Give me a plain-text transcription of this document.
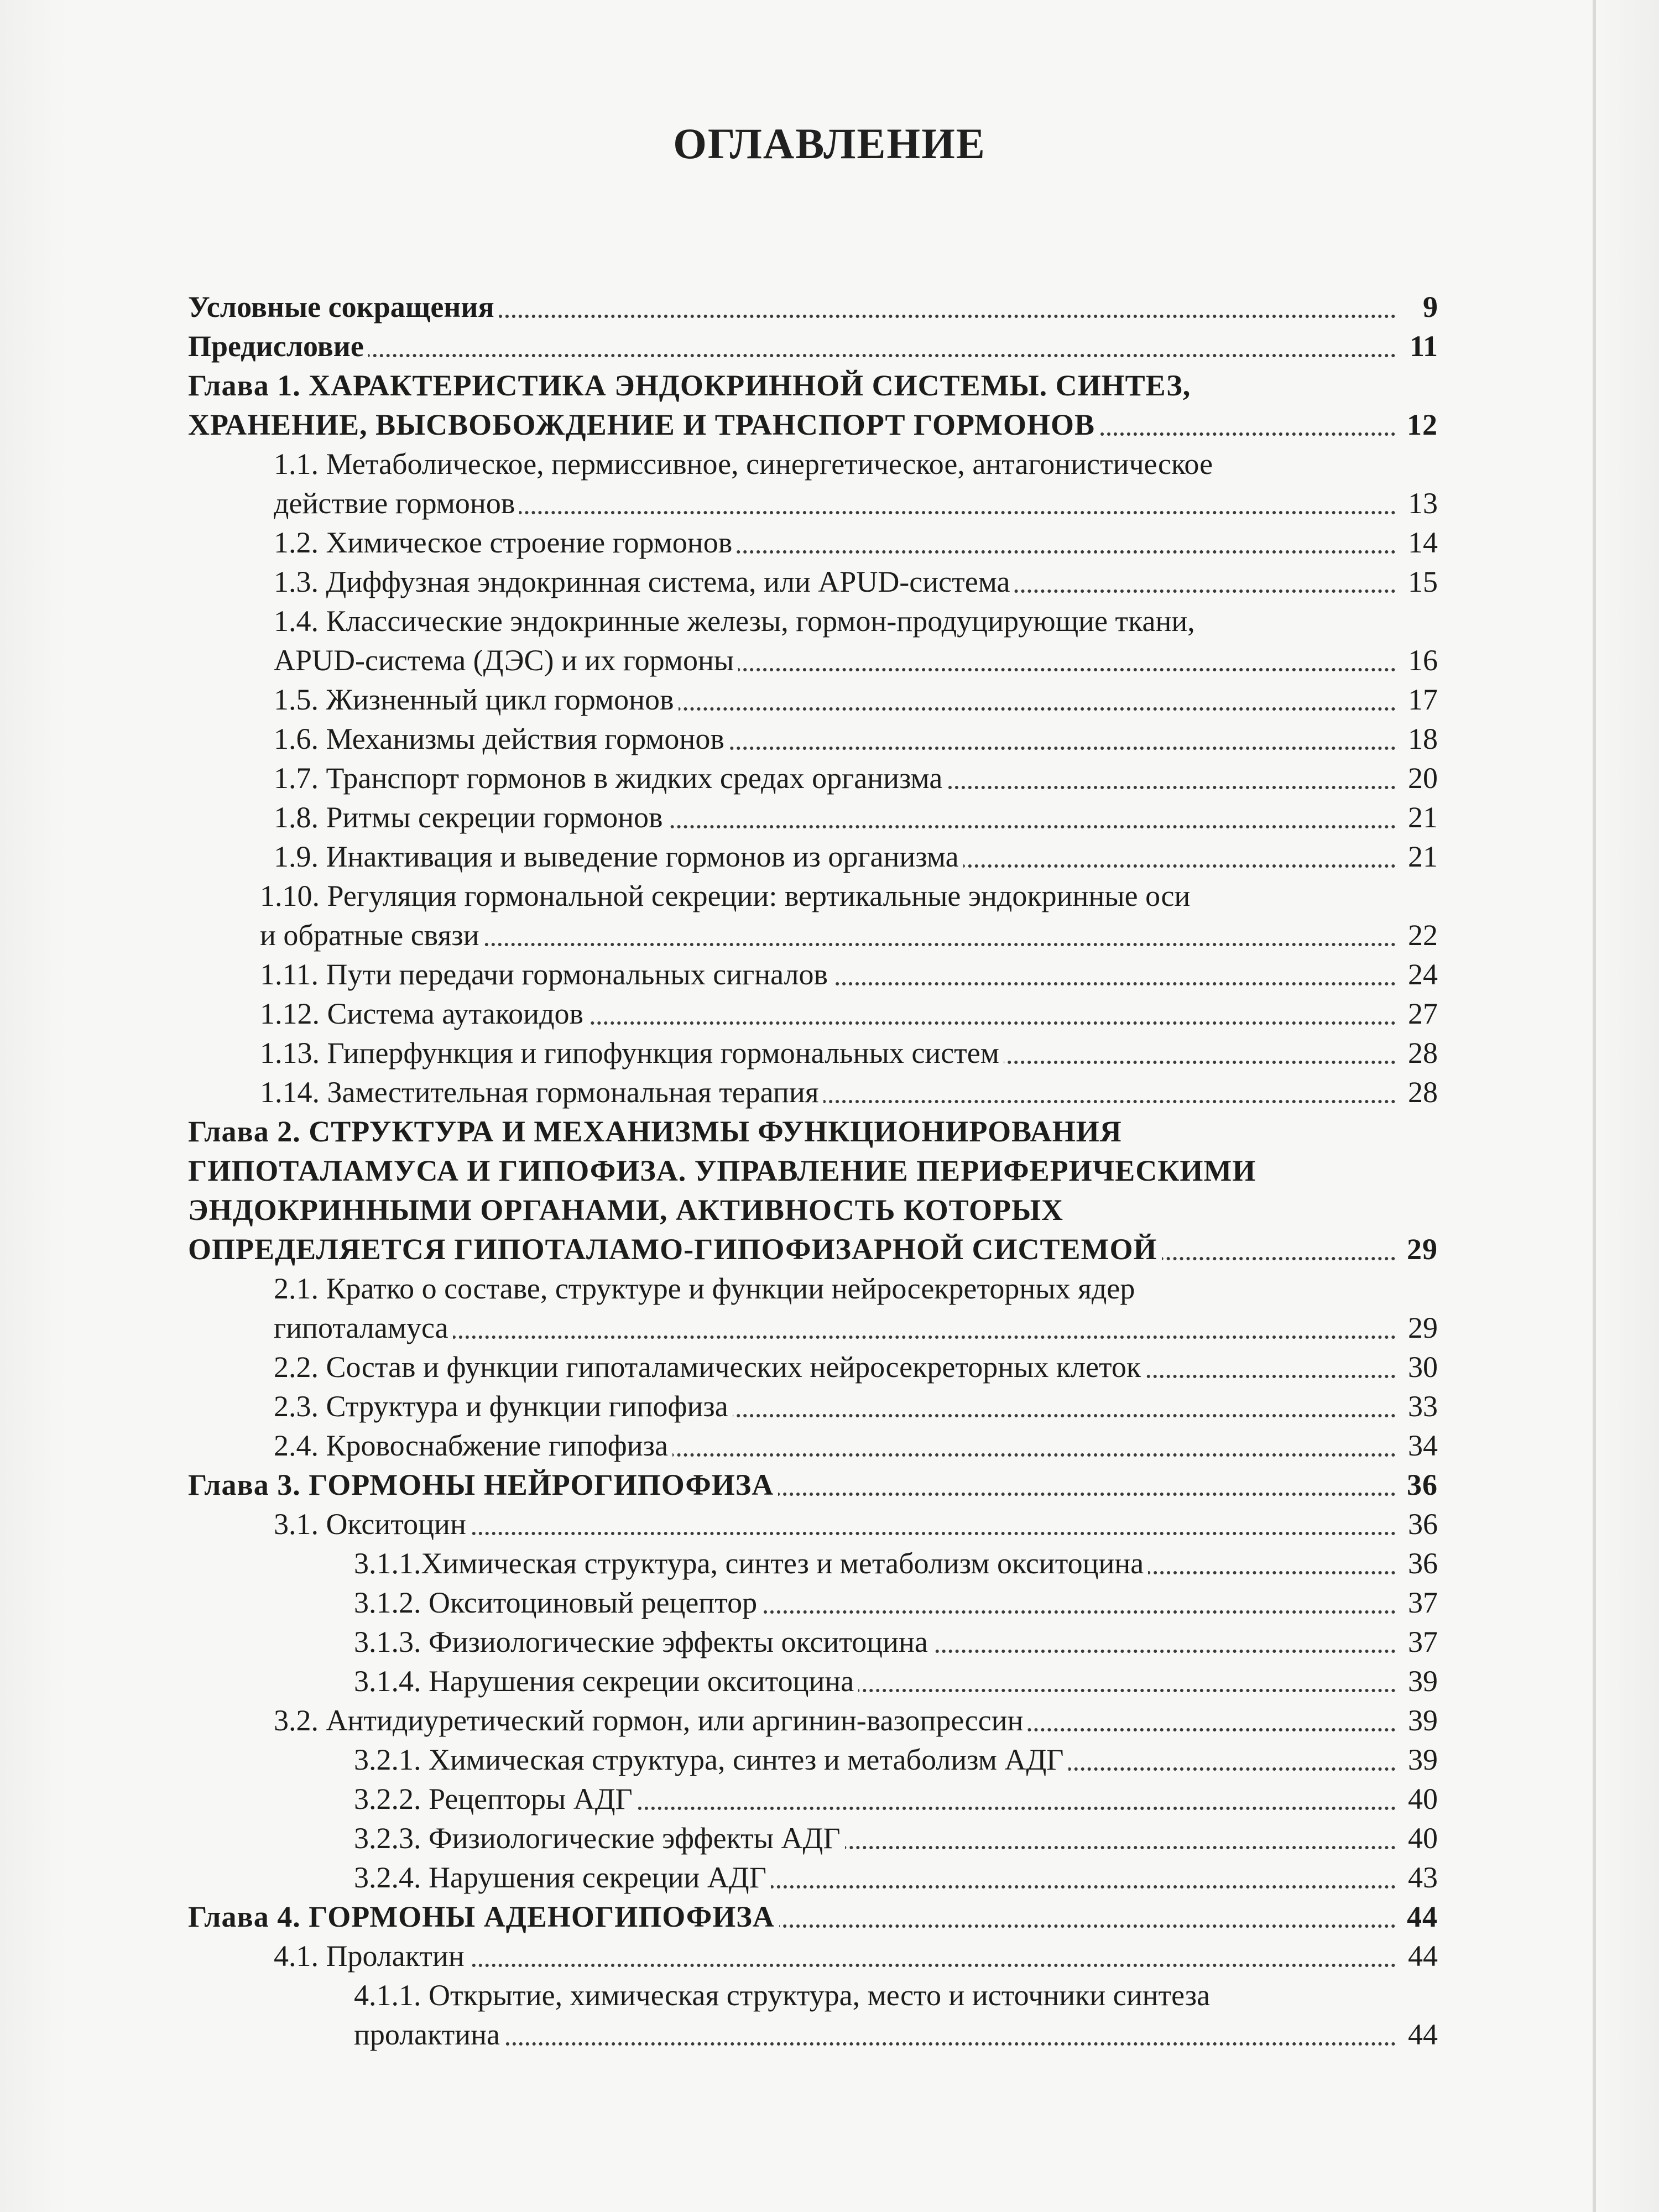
ОГЛАВЛЕНИЕ
Условные сокращения	9
Предисловие	11
Глава 1. ХАРАКТЕРИСТИКА ЭНДОКРИННОЙ СИСТЕМЫ. СИНТЕЗ,
ХРАНЕНИЕ, ВЫСВОБОЖДЕНИЕ И ТРАНСПОРТ ГОРМОНОВ	12
1.1. Метаболическое, пермиссивное, синергетическое, антагонистическое
действие гормонов	13
1.2. Химическое строение гормонов	14
1.3. Диффузная эндокринная система, или APUD-система	15
1.4. Классические эндокринные железы, гормон-продуцирующие ткани,
APUD-система (ДЭС) и их гормоны	16
1.5. Жизненный цикл гормонов	17
1.6. Механизмы действия гормонов	18
1.7. Транспорт гормонов в жидких средах организма	20
1.8. Ритмы секреции гормонов	21
1.9. Инактивация и выведение гормонов из организма	21
1.10. Регуляция гормональной секреции: вертикальные эндокринные оси
и обратные связи	22
1.11. Пути передачи гормональных сигналов	24
1.12. Система аутакоидов	27
1.13. Гиперфункция и гипофункция гормональных систем	28
1.14. Заместительная гормональная терапия	28
Глава 2. СТРУКТУРА И МЕХАНИЗМЫ ФУНКЦИОНИРОВАНИЯ
ГИПОТАЛАМУСА И ГИПОФИЗА. УПРАВЛЕНИЕ ПЕРИФЕРИЧЕСКИМИ
ЭНДОКРИННЫМИ ОРГАНАМИ, АКТИВНОСТЬ КОТОРЫХ
ОПРЕДЕЛЯЕТСЯ ГИПОТАЛАМО-ГИПОФИЗАРНОЙ СИСТЕМОЙ	29
2.1. Кратко о составе, структуре и функции нейросекреторных ядер
гипоталамуса	29
2.2. Состав и функции гипоталамических нейросекреторных клеток	30
2.3. Структура и функции гипофиза	33
2.4. Кровоснабжение гипофиза	34
Глава 3. ГОРМОНЫ НЕЙРОГИПОФИЗА	36
3.1. Окситоцин	36
3.1.1.Химическая структура, синтез и метаболизм окситоцина	36
3.1.2. Окситоциновый рецептор	37
3.1.3. Физиологические эффекты окситоцина	37
3.1.4. Нарушения секреции окситоцина	39
3.2. Антидиуретический гормон, или аргинин-вазопрессин	39
3.2.1. Химическая структура, синтез и метаболизм АДГ	39
3.2.2. Рецепторы АДГ	40
3.2.3. Физиологические эффекты АДГ	40
3.2.4. Нарушения секреции АДГ	43
Глава 4. ГОРМОНЫ АДЕНОГИПОФИЗА	44
4.1. Пролактин	44
4.1.1. Открытие, химическая структура, место и источники синтеза
пролактина	44
